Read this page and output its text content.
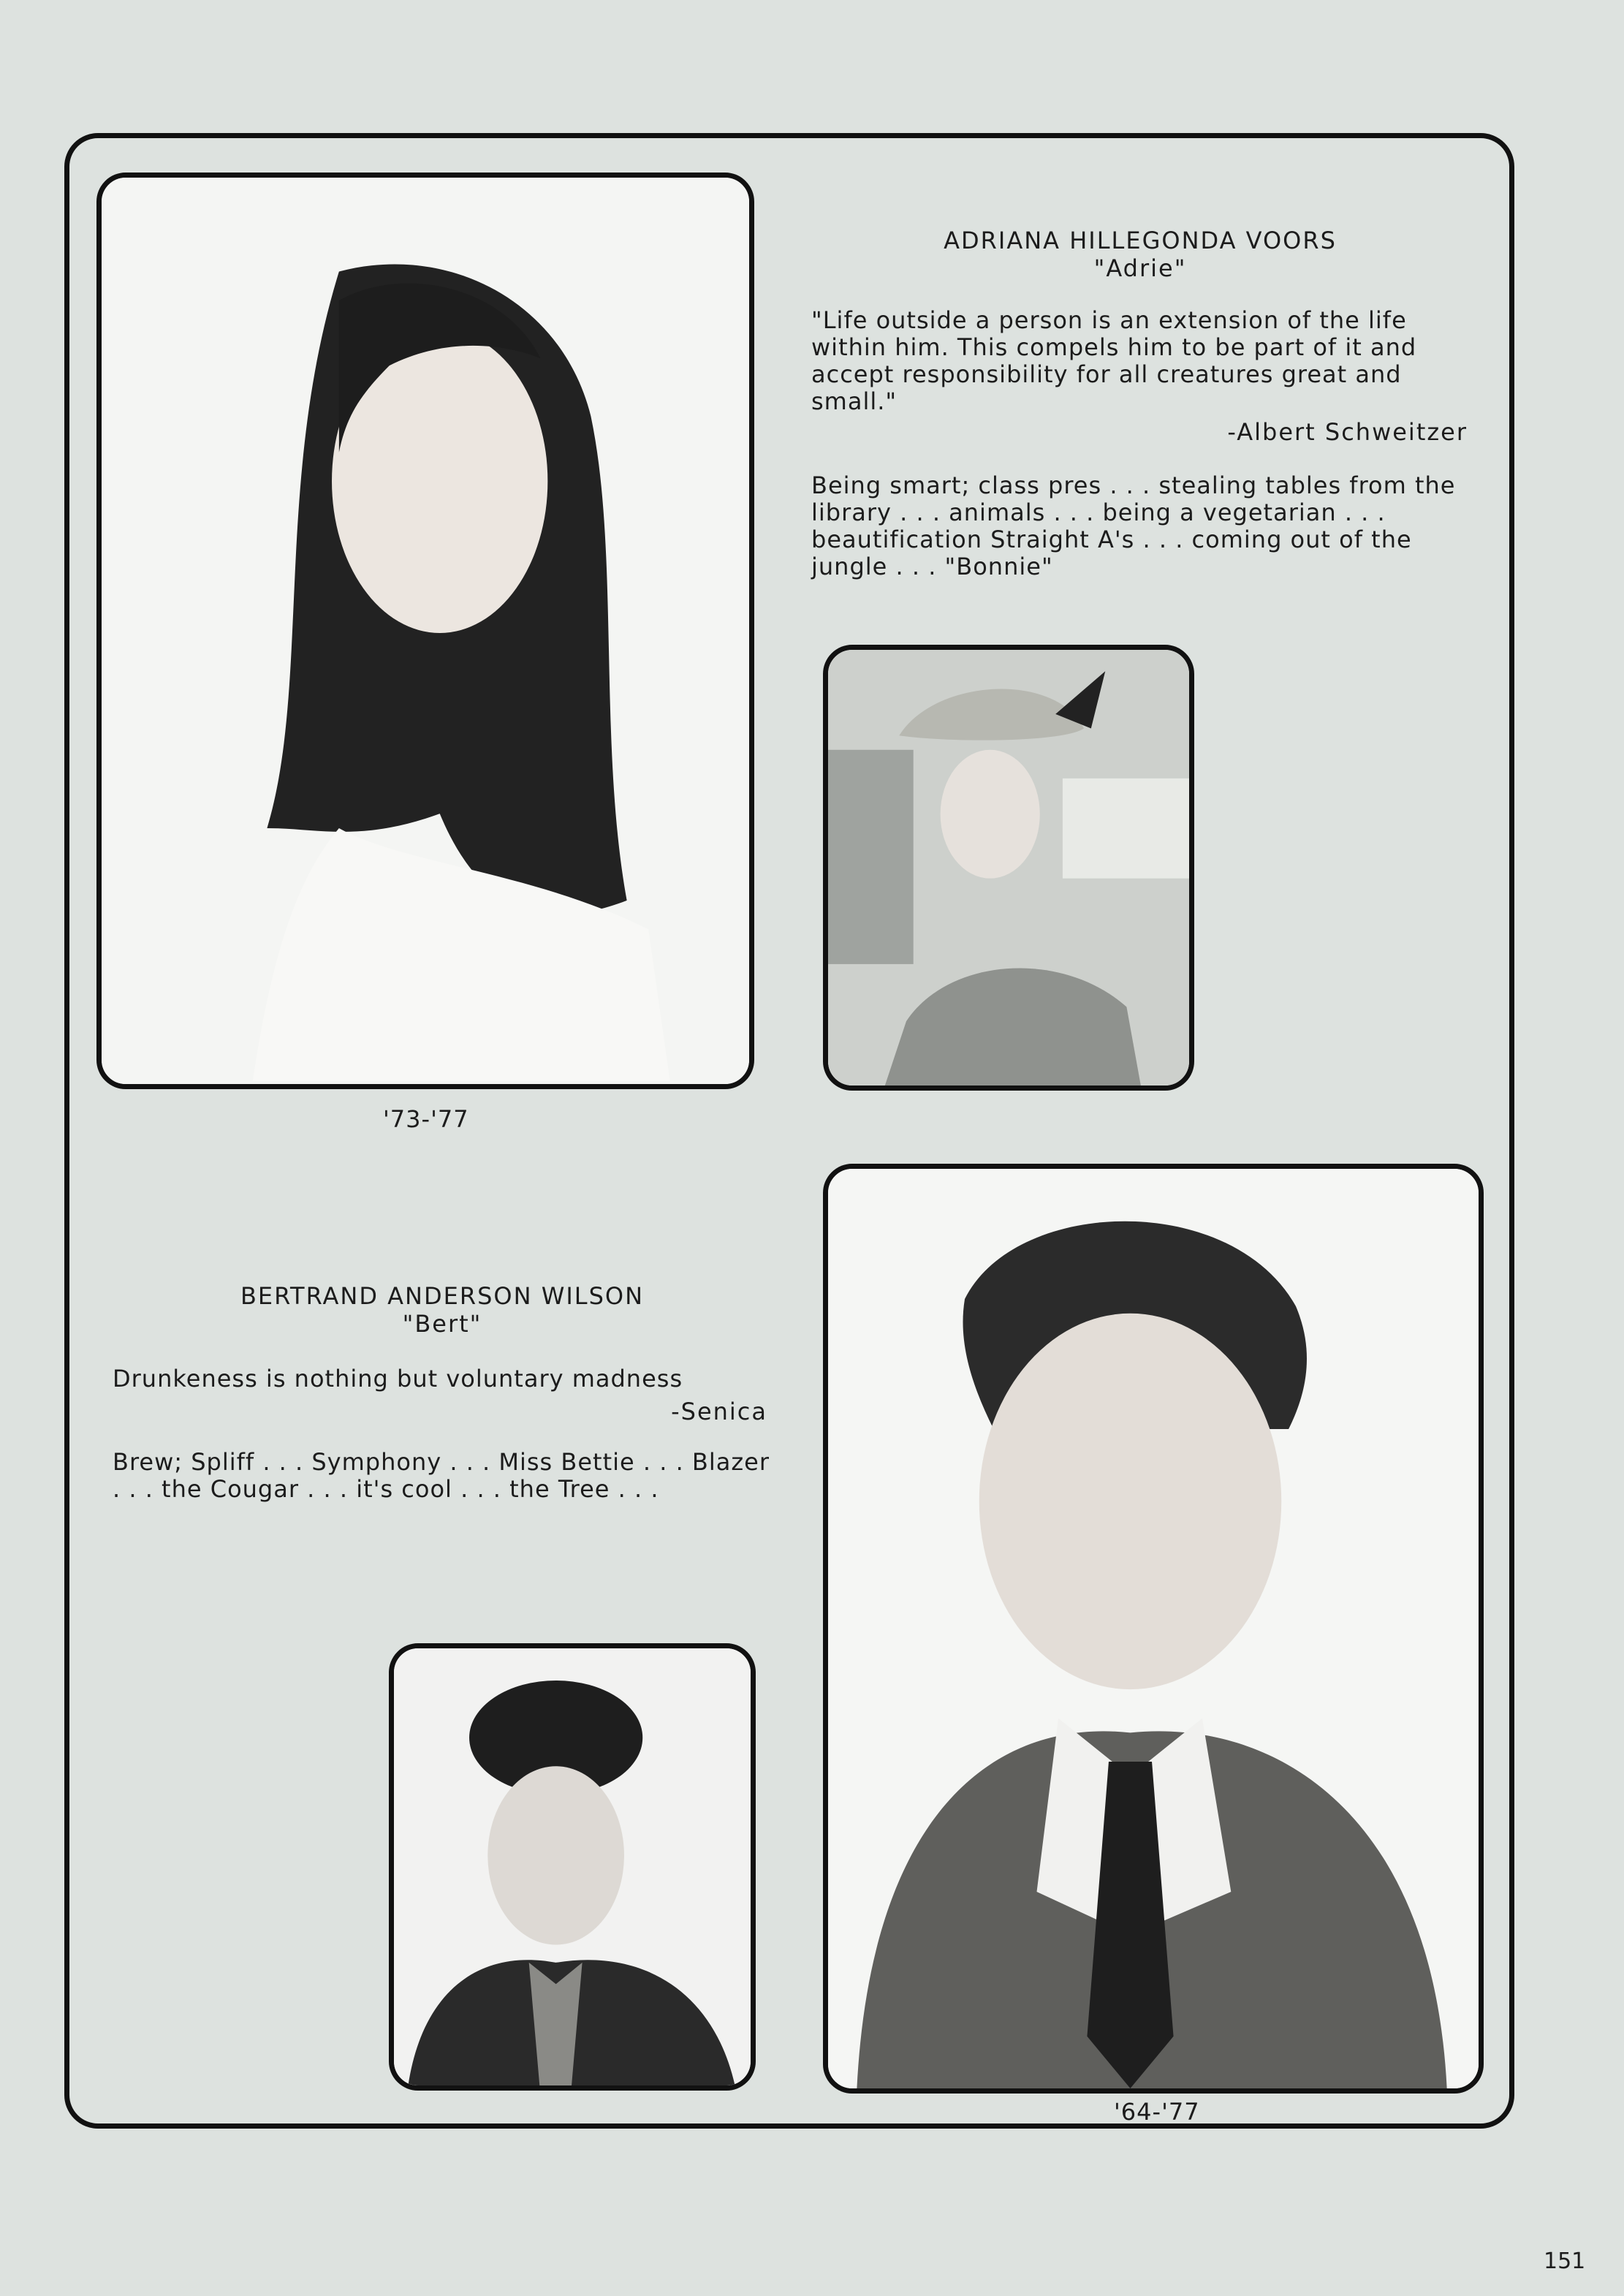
ADRIANA HILLEGONDA VOORS
"Adrie"
"Life outside a person is an extension of the life within him. This compels him to be part of it and accept responsibility for all creatures great and small."
-Albert Schweitzer
Being smart; class pres . . . stealing tables from the library . . . animals . . . being a vegetarian . . . beautification Straight A's . . . coming out of the jungle . . . "Bonnie"
'73-'77
BERTRAND ANDERSON WILSON
"Bert"
Drunkeness is nothing but voluntary madness
-Senica
Brew; Spliff . . . Symphony . . . Miss Bettie . . . Blazer . . . the Cougar . . . it's cool . . . the Tree . . .
'64-'77
151
